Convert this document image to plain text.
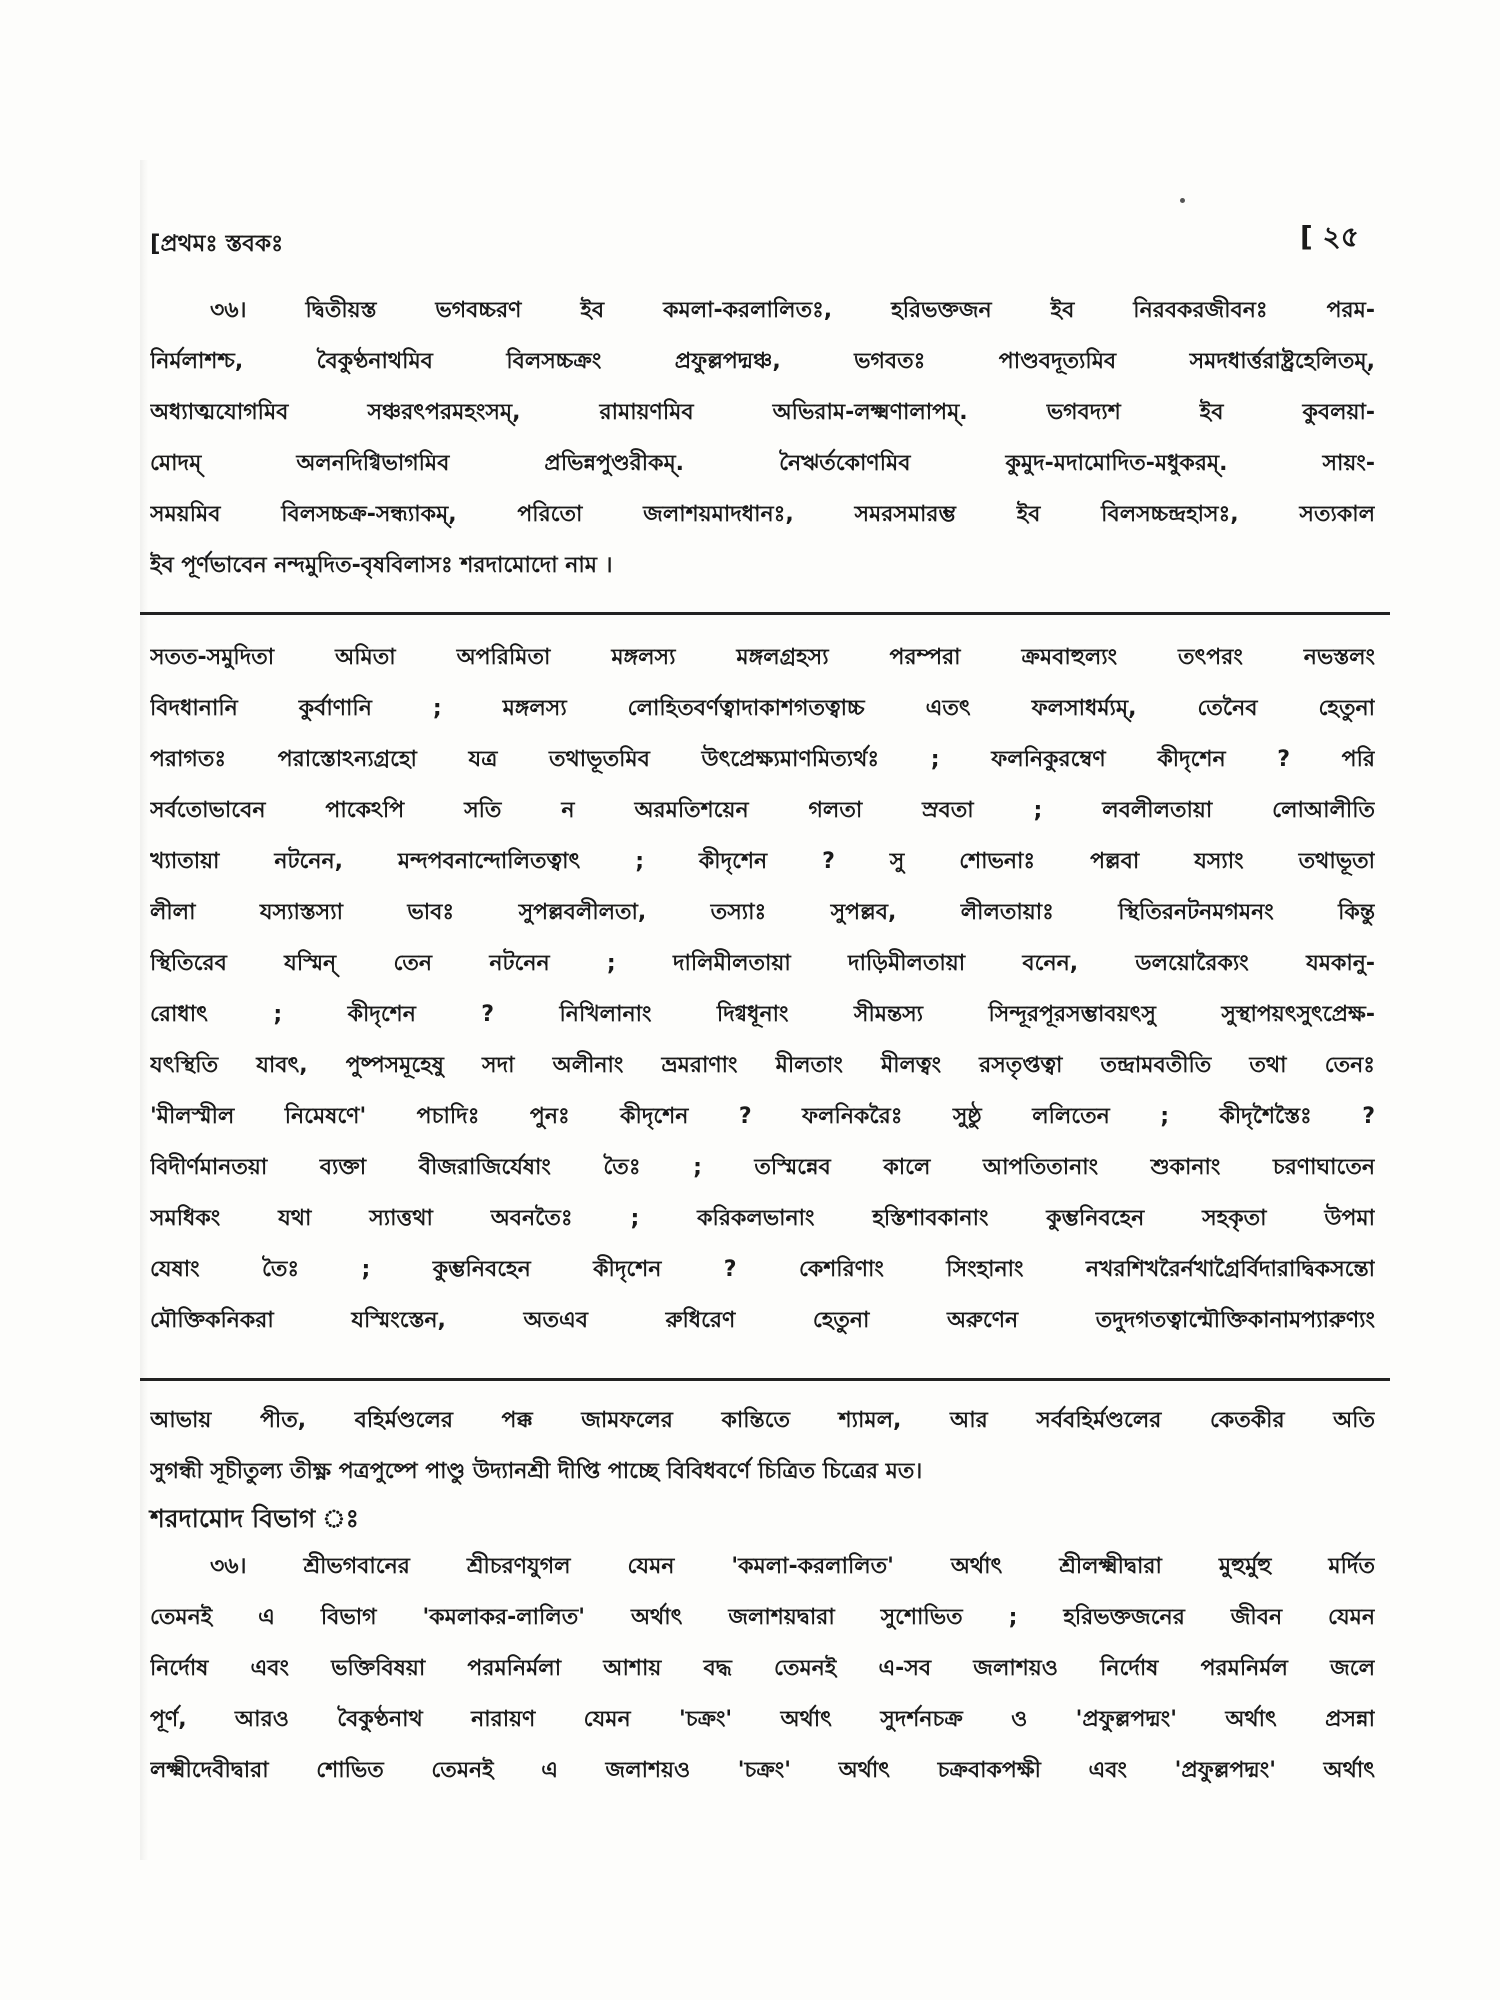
[প্রথমঃ স্তবকঃ	[ ২৫
৩৬। দ্বিতীয়স্ত ভগবচ্চরণ ইব কমলা-করলালিতঃ, হরিভক্তজন ইব নিরবকরজীবনঃ পরম-
নির্মলাশশ্চ, বৈকুণ্ঠনাথমিব বিলসচ্চক্রং প্রফুল্লপদ্মঞ্চ, ভগবতঃ পাণ্ডবদূত্যমিব সমদধার্ত্তরাষ্ট্রহেলিতম্,
অধ্যাত্মযোগমিব সঞ্চরৎপরমহংসম্, রামায়ণমিব অভিরাম-লক্ষ্মণালাপম্. ভগবদ্যশ ইব কুবলয়া-
মোদম্ অলনদিগ্বিভাগমিব প্রভিন্নপুণ্ডরীকম্. নৈঋর্তকোণমিব কুমুদ-মদামোদিত-মধুকরম্. সায়ং-
সময়মিব বিলসচ্চক্র-সন্ধ্যাকম্, পরিতো জলাশয়মাদধানঃ, সমরসমারম্ভ ইব বিলসচ্চন্দ্রহাসঃ, সত্যকাল
ইব পূর্ণভাবেন নন্দমুদিত-বৃষবিলাসঃ শরদামোদো নাম ।
সতত-সমুদিতা অমিতা অপরিমিতা মঙ্গলস্য মঙ্গলগ্রহস্য পরম্পরা ক্রমবাহুল্যং তৎপরং নভস্তলং
বিদধানানি কুর্বাণানি ; মঙ্গলস্য লোহিতবর্ণত্বাদাকাশগতত্বাচ্চ এতৎ ফলসাধর্ম্যম্, তেনৈব হেতুনা
পরাগতঃ পরাস্তোঽন্যগ্রহো যত্র তথাভূতমিব উৎপ্রেক্ষ্যমাণমিত্যর্থঃ ; ফলনিকুরম্বেণ কীদৃশেন ? পরি
সর্বতোভাবেন পাকেঽপি সতি ন অরমতিশয়েন গলতা স্রবতা ; লবলীলতায়া লোআলীতি
খ্যাতায়া নটনেন, মন্দপবনান্দোলিতত্বাৎ ; কীদৃশেন ? সু শোভনাঃ পল্লবা যস্যাং তথাভূতা
লীলা যস্যাস্তস্যা ভাবঃ সুপল্লবলীলতা, তস্যাঃ সুপল্লব, লীলতায়াঃ স্থিতিরনটনমগমনং কিন্তু
স্থিতিরেব যস্মিন্ তেন নটনেন ; দালিমীলতায়া দাড়িমীলতায়া বনেন, ডলয়োরৈক্যং যমকানু-
রোধাৎ ; কীদৃশেন ? নিখিলানাং দিগ্বধূনাং সীমন্তস্য সিন্দূরপূরসম্ভাবয়ৎসু সুস্থাপয়ৎসুৎপ্রেক্ষ-
যৎস্থিতি যাবৎ, পুষ্পসমূহেষু সদা অলীনাং ভ্রমরাণাং মীলতাং মীলত্বং রসতৃপ্তত্বা তন্দ্রামবতীতি তথা তেনঃ
'মীলস্মীল নিমেষণে' পচাদিঃ পুনঃ কীদৃশেন ? ফলনিকরৈঃ সুষ্ঠু ললিতেন ; কীদৃশৈস্তৈঃ ?
বিদীর্ণমানতয়া ব্যক্তা বীজরাজির্যেষাং তৈঃ ; তস্মিন্নেব কালে আপতিতানাং শুকানাং চরণাঘাতেন
সমধিকং যথা স্যাত্তথা অবনতৈঃ ; করিকলভানাং হস্তিশাবকানাং কুম্ভনিবহেন সহকৃতা উপমা
যেষাং তৈঃ ; কুম্ভনিবহেন কীদৃশেন ? কেশরিণাং সিংহানাং নখরশিখরৈর্নখাগ্রৈর্বিদারাদ্বিকসন্তো
মৌক্তিকনিকরা যস্মিংস্তেন, অতএব রুধিরেণ হেতুনা অরুণেন তদুদগতত্বান্মৌক্তিকানামপ্যারুণ্যং
আভায় পীত, বহির্মণ্ডলের পক্ক জামফলের কান্তিতে শ্যামল, আর সর্ববহির্মণ্ডলের কেতকীর অতি
সুগন্ধী সূচীতুল্য তীক্ষ্ণ পত্রপুষ্পে পাণ্ডু উদ্যানশ্রী দীপ্তি পাচ্ছে বিবিধবর্ণে চিত্রিত চিত্রের মত।
শরদামোদ বিভাগ ঃ
৩৬। শ্রীভগবানের শ্রীচরণযুগল যেমন 'কমলা-করলালিত' অর্থাৎ শ্রীলক্ষ্মীদ্বারা মুহুর্মুহু মর্দিত
তেমনই এ বিভাগ 'কমলাকর-লালিত' অর্থাৎ জলাশয়দ্বারা সুশোভিত ; হরিভক্তজনের জীবন যেমন
নির্দোষ এবং ভক্তিবিষয়া পরমনির্মলা আশায় বদ্ধ তেমনই এ-সব জলাশয়ও নির্দোষ পরমনির্মল জলে
পূর্ণ, আরও বৈকুণ্ঠনাথ নারায়ণ যেমন 'চক্রং' অর্থাৎ সুদর্শনচক্র ও 'প্রফুল্লপদ্মং' অর্থাৎ প্রসন্না
লক্ষ্মীদেবীদ্বারা শোভিত তেমনই এ জলাশয়ও 'চক্রং' অর্থাৎ চক্রবাকপক্ষী এবং 'প্রফুল্লপদ্মং' অর্থাৎ
